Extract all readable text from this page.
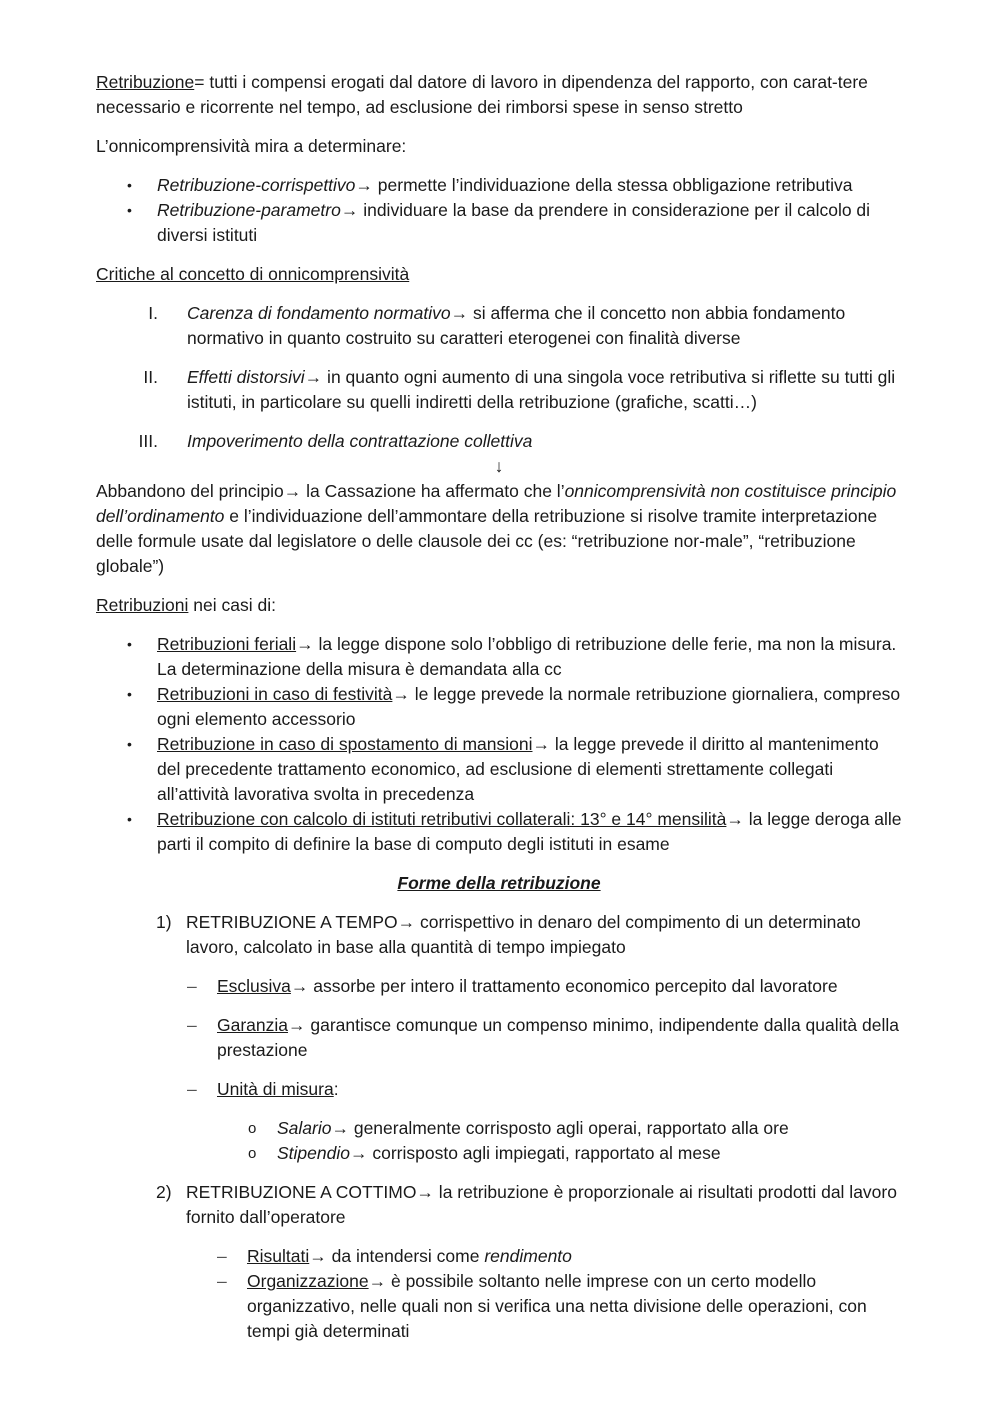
Retribuzione= tutti i compensi erogati dal datore di lavoro in dipendenza del rapporto, con carat-tere necessario e ricorrente nel tempo, ad esclusione dei rimborsi spese in senso stretto

L’onnicomprensività mira a determinare:

• Retribuzione-corrispettivo→ permette l’individuazione della stessa obbligazione retributiva

• Retribuzione-parametro→ individuare la base da prendere in considerazione per il calcolo di diversi istituti

Critiche al concetto di onnicomprensività

I. Carenza di fondamento normativo→ si afferma che il concetto non abbia fondamento normativo in quanto costruito su caratteri eterogenei con finalità diverse

II. Effetti distorsivi→ in quanto ogni aumento di una singola voce retributiva si riflette su tutti gli istituti, in particolare su quelli indiretti della retribuzione (grafiche, scatti…)

III. Impoverimento della contrattazione collettiva

↓

Abbandono del principio→ la Cassazione ha affermato che l’onnicomprensività non costituisce principio dell’ordinamento e l’individuazione dell’ammontare della retribuzione si risolve tramite interpretazione delle formule usate dal legislatore o delle clausole dei cc (es: “retribuzione nor-male”, “retribuzione globale”)

Retribuzioni nei casi di:

• Retribuzioni feriali→ la legge dispone solo l’obbligo di retribuzione delle ferie, ma non la misura. La determinazione della misura è demandata alla cc

• Retribuzioni in caso di festività→ le legge prevede la normale retribuzione giornaliera, compreso ogni elemento accessorio

• Retribuzione in caso di spostamento di mansioni→ la legge prevede il diritto al mantenimento del precedente trattamento economico, ad esclusione di elementi strettamente collegati all’attività lavorativa svolta in precedenza

• Retribuzione con calcolo di istituti retributivi collaterali: 13° e 14° mensilità→ la legge deroga alle parti il compito di definire la base di computo degli istituti in esame

Forme della retribuzione

1) RETRIBUZIONE A TEMPO→ corrispettivo in denaro del compimento di un determinato lavoro, calcolato in base alla quantità di tempo impiegato

– Esclusiva→ assorbe per intero il trattamento economico percepito dal lavoratore

– Garanzia→ garantisce comunque un compenso minimo, indipendente dalla qualità della prestazione

– Unità di misura:

o Salario→ generalmente corrisposto agli operai, rapportato alla ore

o Stipendio→ corrisposto agli impiegati, rapportato al mese

2) RETRIBUZIONE A COTTIMO→ la retribuzione è proporzionale ai risultati prodotti dal lavoro fornito dall’operatore

– Risultati→ da intendersi come rendimento

– Organizzazione→ è possibile soltanto nelle imprese con un certo modello organizzativo, nelle quali non si verifica una netta divisione delle operazioni, con tempi già determinati
